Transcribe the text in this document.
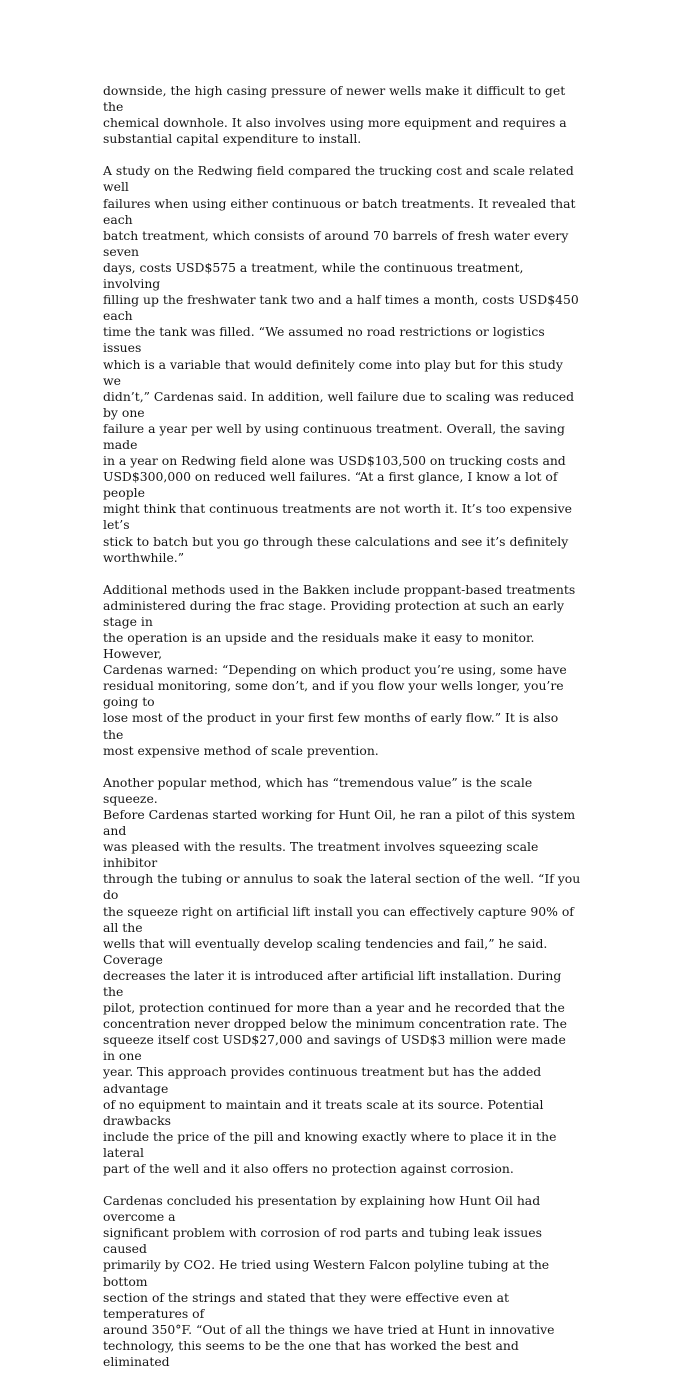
downside, the high casing pressure of newer wells make it difficult to get the
chemical downhole. It also involves using more equipment and requires a
substantial capital expenditure to install.

A study on the Redwing field compared the trucking cost and scale related well
failures when using either continuous or batch treatments. It revealed that each
batch treatment, which consists of around 70 barrels of fresh water every seven
days, costs USD$575 a treatment, while the continuous treatment, involving
filling up the freshwater tank two and a half times a month, costs USD$450 each
time the tank was filled. “We assumed no road restrictions or logistics issues
which is a variable that would definitely come into play but for this study we
didn’t,” Cardenas said. In addition, well failure due to scaling was reduced by one
failure a year per well by using continuous treatment. Overall, the saving made
in a year on Redwing field alone was USD$103,500 on trucking costs and
USD$300,000 on reduced well failures. “At a first glance, I know a lot of people
might think that continuous treatments are not worth it. It’s too expensive let’s
stick to batch but you go through these calculations and see it’s definitely
worthwhile.”

Additional methods used in the Bakken include proppant-based treatments
administered during the frac stage. Providing protection at such an early stage in
the operation is an upside and the residuals make it easy to monitor. However,
Cardenas warned: “Depending on which product you’re using, some have
residual monitoring, some don’t, and if you flow your wells longer, you’re going to
lose most of the product in your first few months of early flow.” It is also the
most expensive method of scale prevention.

Another popular method, which has “tremendous value” is the scale squeeze.
Before Cardenas started working for Hunt Oil, he ran a pilot of this system and
was pleased with the results. The treatment involves squeezing scale inhibitor
through the tubing or annulus to soak the lateral section of the well. “If you do
the squeeze right on artificial lift install you can effectively capture 90% of all the
wells that will eventually develop scaling tendencies and fail,” he said. Coverage
decreases the later it is introduced after artificial lift installation. During the
pilot, protection continued for more than a year and he recorded that the
concentration never dropped below the minimum concentration rate. The
squeeze itself cost USD$27,000 and savings of USD$3 million were made in one
year. This approach provides continuous treatment but has the added advantage
of no equipment to maintain and it treats scale at its source. Potential drawbacks
include the price of the pill and knowing exactly where to place it in the lateral
part of the well and it also offers no protection against corrosion.

Cardenas concluded his presentation by explaining how Hunt Oil had overcome a
significant problem with corrosion of rod parts and tubing leak issues caused
primarily by CO2. He tried using Western Falcon polyline tubing at the bottom
section of the strings and stated that they were effective even at temperatures of
around 350°F. “Out of all the things we have tried at Hunt in innovative
technology, this seems to be the one that has worked the best and eliminated
